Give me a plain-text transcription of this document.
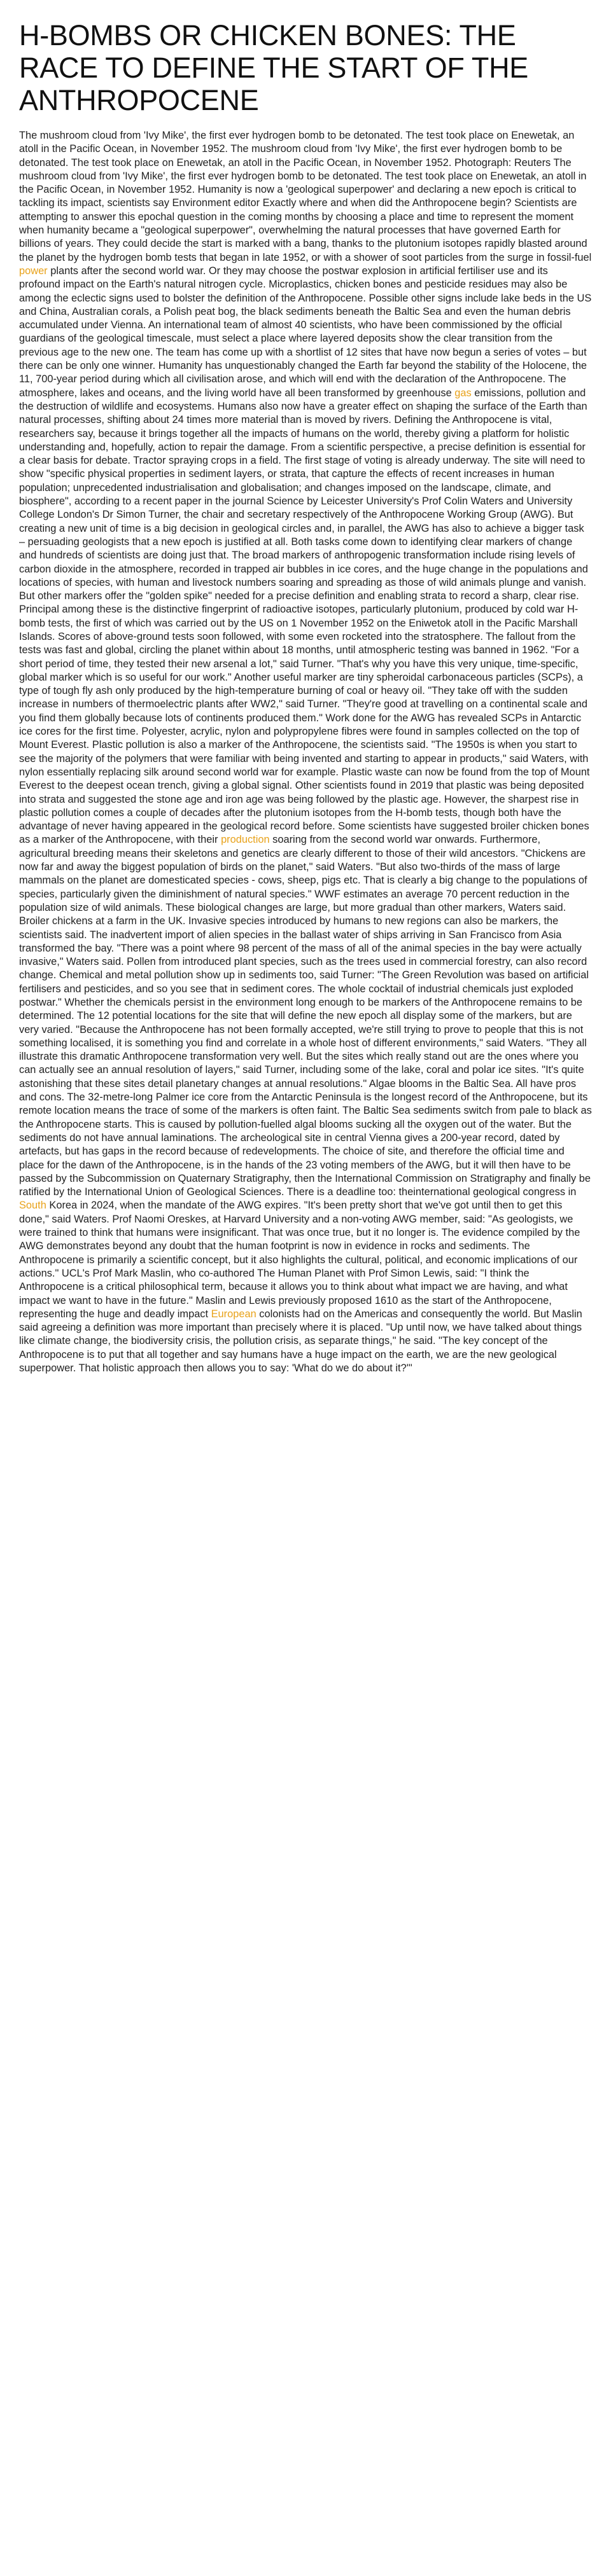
H-BOMBS OR CHICKEN BONES: THE RACE TO DEFINE THE START OF THE ANTHROPOCENE

The mushroom cloud from 'Ivy Mike', the first ever hydrogen bomb to be detonated. The test took place on Enewetak, an atoll in the Pacific Ocean, in November 1952. The mushroom cloud from 'Ivy Mike', the first ever hydrogen bomb to be detonated. The test took place on Enewetak, an atoll in the Pacific Ocean, in November 1952. Photograph: Reuters The mushroom cloud from 'Ivy Mike', the first ever hydrogen bomb to be detonated. The test took place on Enewetak, an atoll in the Pacific Ocean, in November 1952. Humanity is now a 'geological superpower' and declaring a new epoch is critical to tackling its impact, scientists say Environment editor Exactly where and when did the Anthropocene begin? Scientists are attempting to answer this epochal question in the coming months by choosing a place and time to represent the moment when humanity became a "geological superpower", overwhelming the natural processes that have governed Earth for billions of years. They could decide the start is marked with a bang, thanks to the plutonium isotopes rapidly blasted around the planet by the hydrogen bomb tests that began in late 1952, or with a shower of soot particles from the surge in fossil-fuel power plants after the second world war. Or they may choose the postwar explosion in artificial fertiliser use and its profound impact on the Earth's natural nitrogen cycle. Microplastics, chicken bones and pesticide residues may also be among the eclectic signs used to bolster the definition of the Anthropocene. Possible other signs include lake beds in the US and China, Australian corals, a Polish peat bog, the black sediments beneath the Baltic Sea and even the human debris accumulated under Vienna. An international team of almost 40 scientists, who have been commissioned by the official guardians of the geological timescale, must select a place where layered deposits show the clear transition from the previous age to the new one. The team has come up with a shortlist of 12 sites that have now begun a series of votes – but there can be only one winner. Humanity has unquestionably changed the Earth far beyond the stability of the Holocene, the 11, 700-year period during which all civilisation arose, and which will end with the declaration of the Anthropocene. The atmosphere, lakes and oceans, and the living world have all been transformed by greenhouse gas emissions, pollution and the destruction of wildlife and ecosystems. Humans also now have a greater effect on shaping the surface of the Earth than natural processes, shifting about 24 times more material than is moved by rivers. Defining the Anthropocene is vital, researchers say, because it brings together all the impacts of humans on the world, thereby giving a platform for holistic understanding and, hopefully, action to repair the damage. From a scientific perspective, a precise definition is essential for a clear basis for debate. Tractor spraying crops in a field. The first stage of voting is already underway. The site will need to show "specific physical properties in sediment layers, or strata, that capture the effects of recent increases in human population; unprecedented industrialisation and globalisation; and changes imposed on the landscape, climate, and biosphere", according to a recent paper in the journal Science by Leicester University's Prof Colin Waters and University College London's Dr Simon Turner, the chair and secretary respectively of the Anthropocene Working Group (AWG). But creating a new unit of time is a big decision in geological circles and, in parallel, the AWG has also to achieve a bigger task – persuading geologists that a new epoch is justified at all. Both tasks come down to identifying clear markers of change and hundreds of scientists are doing just that. The broad markers of anthropogenic transformation include rising levels of carbon dioxide in the atmosphere, recorded in trapped air bubbles in ice cores, and the huge change in the populations and locations of species, with human and livestock numbers soaring and spreading as those of wild animals plunge and vanish. But other markers offer the "golden spike" needed for a precise definition and enabling strata to record a sharp, clear rise. Principal among these is the distinctive fingerprint of radioactive isotopes, particularly plutonium, produced by cold war H-bomb tests, the first of which was carried out by the US on 1 November 1952 on the Eniwetok atoll in the Pacific Marshall Islands. Scores of above-ground tests soon followed, with some even rocketed into the stratosphere. The fallout from the tests was fast and global, circling the planet within about 18 months, until atmospheric testing was banned in 1962. "For a short period of time, they tested their new arsenal a lot," said Turner. "That's why you have this very unique, time-specific, global marker which is so useful for our work." Another useful marker are tiny spheroidal carbonaceous particles (SCPs), a type of tough fly ash only produced by the high-temperature burning of coal or heavy oil. "They take off with the sudden increase in numbers of thermoelectric plants after WW2," said Turner. "They're good at travelling on a continental scale and you find them globally because lots of continents produced them." Work done for the AWG has revealed SCPs in Antarctic ice cores for the first time. Polyester, acrylic, nylon and polypropylene fibres were found in samples collected on the top of Mount Everest. Plastic pollution is also a marker of the Anthropocene, the scientists said. "The 1950s is when you start to see the majority of the polymers that were familiar with being invented and starting to appear in products," said Waters, with nylon essentially replacing silk around second world war for example. Plastic waste can now be found from the top of Mount Everest to the deepest ocean trench, giving a global signal. Other scientists found in 2019 that plastic was being deposited into strata and suggested the stone age and iron age was being followed by the plastic age. However, the sharpest rise in plastic pollution comes a couple of decades after the plutonium isotopes from the H-bomb tests, though both have the advantage of never having appeared in the geological record before. Some scientists have suggested broiler chicken bones as a marker of the Anthropocene, with their production soaring from the second world war onwards. Furthermore, agricultural breeding means their skeletons and genetics are clearly different to those of their wild ancestors. "Chickens are now far and away the biggest population of birds on the planet," said Waters. "But also two-thirds of the mass of large mammals on the planet are domesticated species - cows, sheep, pigs etc. That is clearly a big change to the populations of species, particularly given the diminishment of natural species." WWF estimates an average 70 percent reduction in the population size of wild animals. These biological changes are large, but more gradual than other markers, Waters said. Broiler chickens at a farm in the UK. Invasive species introduced by humans to new regions can also be markers, the scientists said. The inadvertent import of alien species in the ballast water of ships arriving in San Francisco from Asia transformed the bay. "There was a point where 98 percent of the mass of all of the animal species in the bay were actually invasive," Waters said. Pollen from introduced plant species, such as the trees used in commercial forestry, can also record change. Chemical and metal pollution show up in sediments too, said Turner: "The Green Revolution was based on artificial fertilisers and pesticides, and so you see that in sediment cores. The whole cocktail of industrial chemicals just exploded postwar." Whether the chemicals persist in the environment long enough to be markers of the Anthropocene remains to be determined. The 12 potential locations for the site that will define the new epoch all display some of the markers, but are very varied. "Because the Anthropocene has not been formally accepted, we're still trying to prove to people that this is not something localised, it is something you find and correlate in a whole host of different environments," said Waters. "They all illustrate this dramatic Anthropocene transformation very well. But the sites which really stand out are the ones where you can actually see an annual resolution of layers," said Turner, including some of the lake, coral and polar ice sites. "It's quite astonishing that these sites detail planetary changes at annual resolutions." Algae blooms in the Baltic Sea. All have pros and cons. The 32-metre-long Palmer ice core from the Antarctic Peninsula is the longest record of the Anthropocene, but its remote location means the trace of some of the markers is often faint. The Baltic Sea sediments switch from pale to black as the Anthropocene starts. This is caused by pollution-fuelled algal blooms sucking all the oxygen out of the water. But the sediments do not have annual laminations. The archeological site in central Vienna gives a 200-year record, dated by artefacts, but has gaps in the record because of redevelopments. The choice of site, and therefore the official time and place for the dawn of the Anthropocene, is in the hands of the 23 voting members of the AWG, but it will then have to be passed by the Subcommission on Quaternary Stratigraphy, then the International Commission on Stratigraphy and finally be ratified by the International Union of Geological Sciences. There is a deadline too: theinternational geological congress in South Korea in 2024, when the mandate of the AWG expires. "It's been pretty short that we've got until then to get this done," said Waters. Prof Naomi Oreskes, at Harvard University and a non-voting AWG member, said: "As geologists, we were trained to think that humans were insignificant. That was once true, but it no longer is. The evidence compiled by the AWG demonstrates beyond any doubt that the human footprint is now in evidence in rocks and sediments. The Anthropocene is primarily a scientific concept, but it also highlights the cultural, political, and economic implications of our actions." UCL's Prof Mark Maslin, who co-authored The Human Planet with Prof Simon Lewis, said: "I think the Anthropocene is a critical philosophical term, because it allows you to think about what impact we are having, and what impact we want to have in the future." Maslin and Lewis previously proposed 1610 as the start of the Anthropocene, representing the huge and deadly impact European colonists had on the Americas and consequently the world. But Maslin said agreeing a definition was more important than precisely where it is placed. "Up until now, we have talked about things like climate change, the biodiversity crisis, the pollution crisis, as separate things," he said. "The key concept of the Anthropocene is to put that all together and say humans have a huge impact on the earth, we are the new geological superpower. That holistic approach then allows you to say: 'What do we do about it?'"
